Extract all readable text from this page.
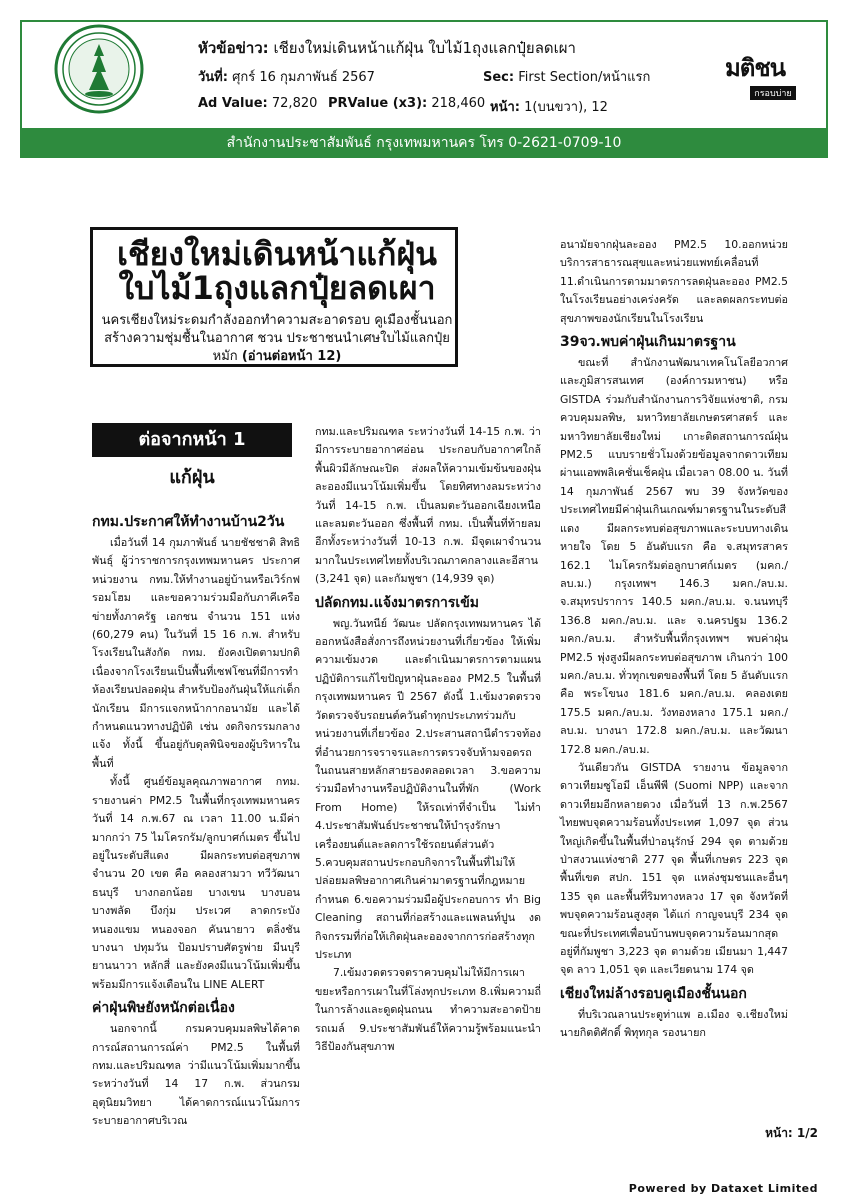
หัวข้อข่าว: เชียงใหม่เดินหน้าแก้ฝุ่น ใบไม้1ถุงแลกปุ๋ยลดเผา
วันที่: ศุกร์ 16 กุมภาพันธ์ 2567	Sec: First Section/หน้าแรก
Ad Value: 72,820 PRValue (x3): 218,460 หน้า: 1(บนขวา), 12
มติชน
กรอบบ่าย
สำนักงานประชาสัมพันธ์ กรุงเทพมหานคร โทร 0-2621-0709-10
เชียงใหม่เดินหน้าแก้ฝุ่น
ใบไม้1ถุงแลกปุ๋ยลดเผา
นครเชียงใหม่ระดมกำลังออกทำความสะอาดรอบ คูเมืองชั้นนอก สร้างความชุ่มชื้นในอากาศ ชวน ประชาชนนำเศษใบไม้แลกปุ๋ยหมัก (อ่านต่อหน้า 12)
ต่อจากหน้า 1
แก้ฝุ่น
กทม.ประกาศให้ทำงานบ้าน2วัน

เมื่อวันที่ 14 กุมภาพันธ์ นายชัชชาติ สิทธิพันธุ์ ผู้ว่าราชการกรุงเทพมหานคร ประกาศหน่วยงาน กทม.ให้ทำงานอยู่บ้านหรือเวิร์กฟรอมโฮม และขอความร่วมมือกับภาคีเครือข่ายทั้งภาครัฐ เอกชน จำนวน 151 แห่ง (60,279 คน) ในวันที่ 15 16 ก.พ. สำหรับโรงเรียนในสังกัด กทม. ยังคงเปิดตามปกติ เนื่องจากโรงเรียนเป็นพื้นที่เซฟโซนที่มีการทำห้องเรียนปลอดฝุ่น สำหรับป้องกันฝุ่นให้แก่เด็กนักเรียน มีการแจกหน้ากากอนามัย และได้กำหนดแนวทางปฏิบัติ เช่น งดกิจกรรมกลางแจ้ง ทั้งนี้ ขึ้นอยู่กับดุลพินิจของผู้บริหารในพื้นที่

ทั้งนี้ ศูนย์ข้อมูลคุณภาพอากาศ กทม. รายงานค่า PM2.5 ในพื้นที่กรุงเทพมหานคร วันที่ 14 ก.พ.67 ณ เวลา 11.00 น.มีค่ามากกว่า 75 ไมโครกรัม/ลูกบาศก์เมตร ขึ้นไป อยู่ในระดับสีแดง มีผลกระทบต่อสุขภาพ จำนวน 20 เขต คือ คลองสามวา ทวีวัฒนา ธนบุรี บางกอกน้อย บางเขน บางบอน บางพลัด บึงกุ่ม ประเวศ ลาดกระบัง หนองแขม หนองจอก คันนายาว ตลิ่งชัน บางนา ปทุมวัน ป้อมปราบศัตรูพ่าย มีนบุรี ยานนาวา หลักสี่ และยังคงมีแนวโน้มเพิ่มขึ้น พร้อมมีการแจ้งเตือนใน LINE ALERT

ค่าฝุ่นพิษยังหนักต่อเนื่อง

นอกจากนี้ กรมควบคุมมลพิษได้คาดการณ์สถานการณ์ค่า PM2.5 ในพื้นที่ กทม.และปริมณฑล ว่ามีแนวโน้มเพิ่มมากขึ้นระหว่างวันที่ 14 17 ก.พ. ส่วนกรมอุตุนิยมวิทยา ได้คาดการณ์แนวโน้มการระบายอากาศบริเวณ

กทม.และปริมณฑล ระหว่างวันที่ 14-15 ก.พ. ว่ามีการระบายอากาศอ่อน ประกอบกับอากาศใกล้พื้นผิวมีลักษณะปิด ส่งผลให้ความเข้มข้นของฝุ่นละอองมีแนวโน้มเพิ่มขึ้น โดยทิศทางลมระหว่างวันที่ 14-15 ก.พ. เป็นลมตะวันออกเฉียงเหนือ และลมตะวันออก ซึ่งพื้นที่ กทม. เป็นพื้นที่ท้ายลม อีกทั้งระหว่างวันที่ 10-13 ก.พ. มีจุดเผาจำนวนมากในประเทศไทยทั้งบริเวณภาคกลางและอีสาน (3,241 จุด) และกัมพูชา (14,939 จุด)

ปลัดกทม.แจ้งมาตรการเข้ม

พญ.วันทนีย์ วัฒนะ ปลัดกรุงเทพมหานคร ได้ออกหนังสือสั่งการถึงหน่วยงานที่เกี่ยวข้อง ให้เพิ่มความเข้มงวด และดำเนินมาตรการตามแผนปฏิบัติการแก้ไขปัญหาฝุ่นละออง PM2.5 ในพื้นที่กรุงเทพมหานคร ปี 2567 ดังนี้ 1.เข้มงวดตรวจวัดตรวจจับรถยนต์ควันดำทุกประเภทร่วมกับหน่วยงานที่เกี่ยวข้อง 2.ประสานสถานีตำรวจท้องที่อำนวยการจราจรและการตรวจจับห้ามจอดรถในถนนสายหลักสายรองตลอดเวลา 3.ขอความร่วมมือทำงานหรือปฏิบัติงานในที่พัก (Work From Home) ให้รถเท่าที่จำเป็น ไม่ทำ 4.ประชาสัมพันธ์ประชาชนให้บำรุงรักษาเครื่องยนต์และลดการใช้รถยนต์ส่วนตัว 5.ควบคุมสถานประกอบกิจการในพื้นที่ไม่ให้ปล่อยมลพิษอากาศเกินค่ามาตรฐานที่กฎหมายกำหนด 6.ขอความร่วมมือผู้ประกอบการ ทำ Big Cleaning สถานที่ก่อสร้างและแพลนท์ปูน งดกิจกรรมที่ก่อให้เกิดฝุ่นละอองจากการก่อสร้างทุกประเภท

7.เข้มงวดตรวจตราควบคุมไม่ให้มีการเผาขยะหรือการเผาในที่โล่งทุกประเภท 8.เพิ่มความถี่ในการล้างและดูดฝุ่นถนน ทำความสะอาดป้ายรถเมล์ 9.ประชาสัมพันธ์ให้ความรู้พร้อมแนะนำวิธีป้องกันสุขภาพ

อนามัยจากฝุ่นละออง PM2.5 10.ออกหน่วยบริการสาธารณสุขและหน่วยแพทย์เคลื่อนที่ 11.ดำเนินการตามมาตรการลดฝุ่นละออง PM2.5 ในโรงเรียนอย่างเคร่งครัด และลดผลกระทบต่อสุขภาพของนักเรียนในโรงเรียน

39จว.พบค่าฝุ่นเกินมาตรฐาน

ขณะที่ สำนักงานพัฒนาเทคโนโลยีอวกาศและภูมิสารสนเทศ (องค์การมหาชน) หรือ GISTDA ร่วมกับสำนักงานการวิจัยแห่งชาติ, กรมควบคุมมลพิษ, มหาวิทยาลัยเกษตรศาสตร์ และมหาวิทยาลัยเชียงใหม่ เกาะติดสถานการณ์ฝุ่น PM2.5 แบบรายชั่วโมงด้วยข้อมูลจากดาวเทียมผ่านแอพพลิเคชั่นเช็คฝุ่น เมื่อเวลา 08.00 น. วันที่ 14 กุมภาพันธ์ 2567 พบ 39 จังหวัดของประเทศไทยมีค่าฝุ่นเกินเกณฑ์มาตรฐานในระดับสีแดง มีผลกระทบต่อสุขภาพและระบบทางเดินหายใจ โดย 5 อันดับแรก คือ จ.สมุทรสาคร 162.1 ไมโครกรัมต่อลูกบาศก์เมตร (มคก./ลบ.ม.) กรุงเทพฯ 146.3 มคก./ลบ.ม. จ.สมุทรปราการ 140.5 มคก./ลบ.ม. จ.นนทบุรี 136.8 มคก./ลบ.ม. และ จ.นครปฐม 136.2 มคก./ลบ.ม. สำหรับพื้นที่กรุงเทพฯ พบค่าฝุ่น PM2.5 พุ่งสูงมีผลกระทบต่อสุขภาพ เกินกว่า 100 มคก./ลบ.ม. ทั่วทุกเขตของพื้นที่ โดย 5 อันดับแรก คือ พระโขนง 181.6 มคก./ลบ.ม. คลองเตย 175.5 มคก./ลบ.ม. วังทองหลาง 175.1 มคก./ลบ.ม. บางนา 172.8 มคก./ลบ.ม. และวัฒนา 172.8 มคก./ลบ.ม.

วันเดียวกัน GISTDA รายงาน ข้อมูลจากดาวเทียมซูโอมี เอ็นพีพี (Suomi NPP) และจากดาวเทียมอีกหลายดวง เมื่อวันที่ 13 ก.พ.2567 ไทยพบจุดความร้อนทั้งประเทศ 1,097 จุด ส่วนใหญ่เกิดขึ้นในพื้นที่ป่าอนุรักษ์ 294 จุด ตามด้วยป่าสงวนแห่งชาติ 277 จุด พื้นที่เกษตร 223 จุด พื้นที่เขต สปก. 151 จุด แหล่งชุมชนและอื่นๆ 135 จุด และพื้นที่ริมทางหลวง 17 จุด จังหวัดที่พบจุดความร้อนสูงสุด ได้แก่ กาญจนบุรี 234 จุด ขณะที่ประเทศเพื่อนบ้านพบจุดความร้อนมากสุดอยู่ที่กัมพูชา 3,223 จุด ตามด้วย เมียนมา 1,447 จุด ลาว 1,051 จุด และเวียดนาม 174 จุด

เชียงใหม่ล้างรอบคูเมืองชั้นนอก

ที่บริเวณลานประตูท่าแพ อ.เมือง จ.เชียงใหม่ นายกิตติศักดิ์ พิทุทกุล รองนายก

หน้า: 1/2
Powered by Dataxet Limited
